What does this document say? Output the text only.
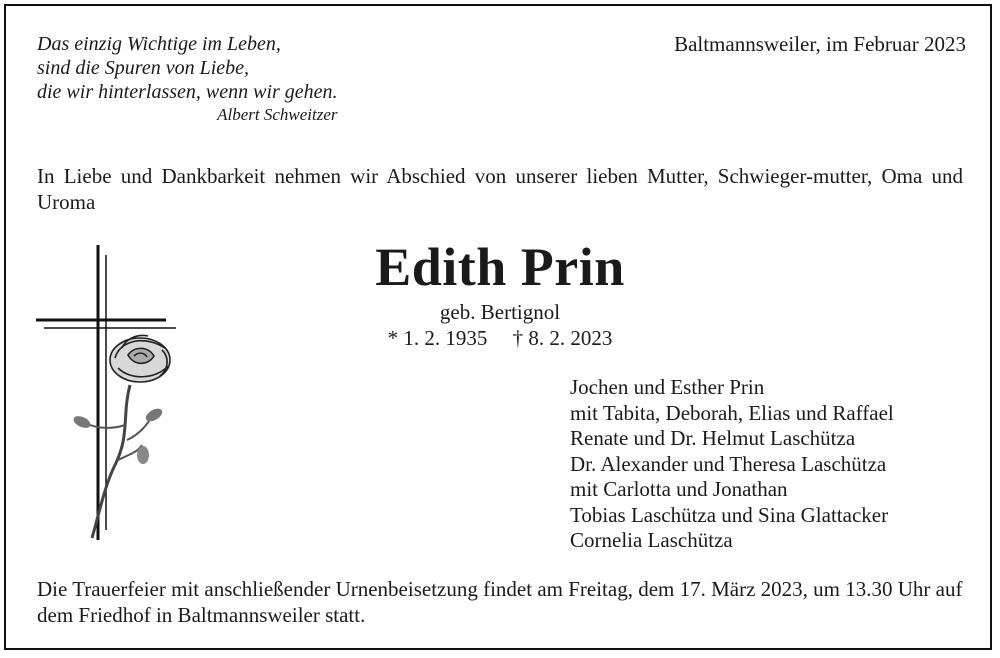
Das einzig Wichtige im Leben,
sind die Spuren von Liebe,
die wir hinterlassen, wenn wir gehen.
Albert Schweitzer
Baltmannsweiler, im Februar 2023
In Liebe und Dankbarkeit nehmen wir Abschied von unserer lieben Mutter, Schwieger-mutter, Oma und Uroma
Edith Prin
geb. Bertignol
* 1. 2. 1935 † 8. 2. 2023
Jochen und Esther Prin
mit Tabita, Deborah, Elias und Raffael
Renate und Dr. Helmut Laschütza
Dr. Alexander und Theresa Laschütza
mit Carlotta und Jonathan
Tobias Laschütza und Sina Glattacker
Cornelia Laschütza
Die Trauerfeier mit anschließender Urnenbeisetzung findet am Freitag, dem 17. März 2023, um 13.30 Uhr auf dem Friedhof in Baltmannsweiler statt.
